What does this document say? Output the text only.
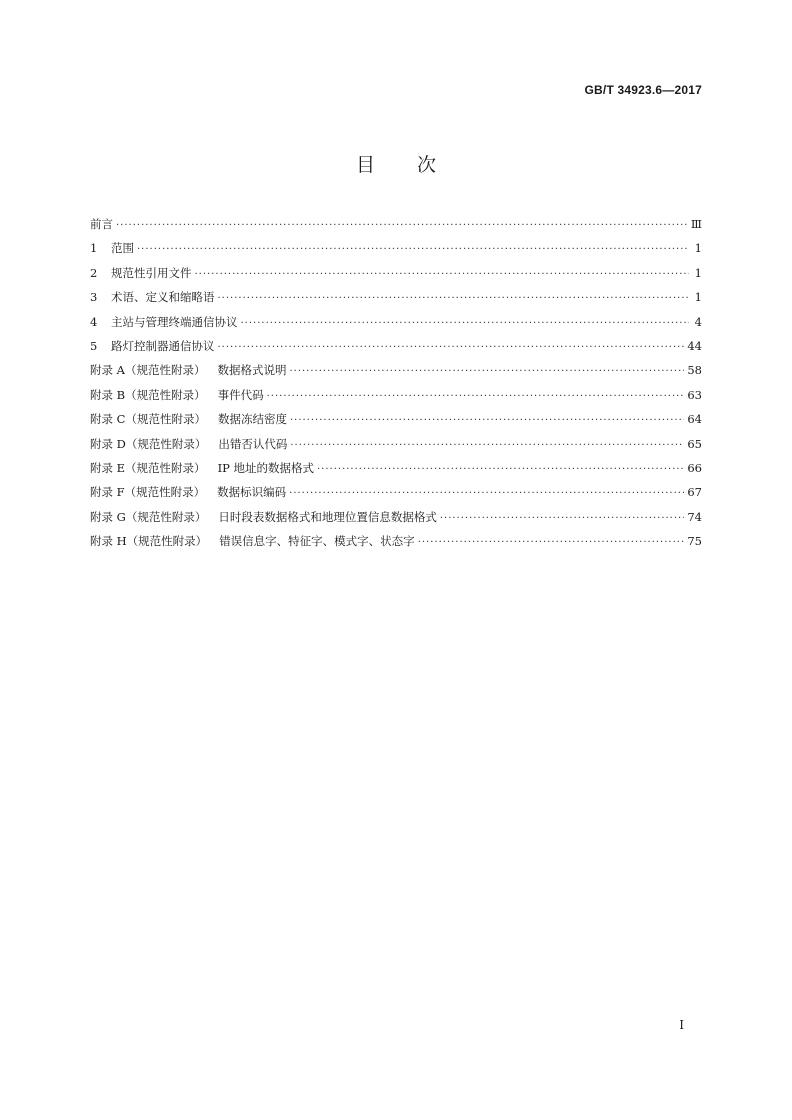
GB/T 34923.6—2017
目 次
前言 ·····	Ⅲ
1	范围 ·····	1
2	规范性引用文件 ·····	1
3	术语、定义和缩略语 ·····	1
4	主站与管理终端通信协议 ·····	4
5	路灯控制器通信协议 ·····	44
附录 A（规范性附录） 数据格式说明 ·····	58
附录 B（规范性附录） 事件代码 ·····	63
附录 C（规范性附录） 数据冻结密度 ·····	64
附录 D（规范性附录） 出错否认代码 ·····	65
附录 E（规范性附录） IP 地址的数据格式 ·····	66
附录 F（规范性附录） 数据标识编码 ·····	67
附录 G（规范性附录） 日时段表数据格式和地理位置信息数据格式 ·····	74
附录 H（规范性附录） 错误信息字、特征字、模式字、状态字 ·····	75
I
